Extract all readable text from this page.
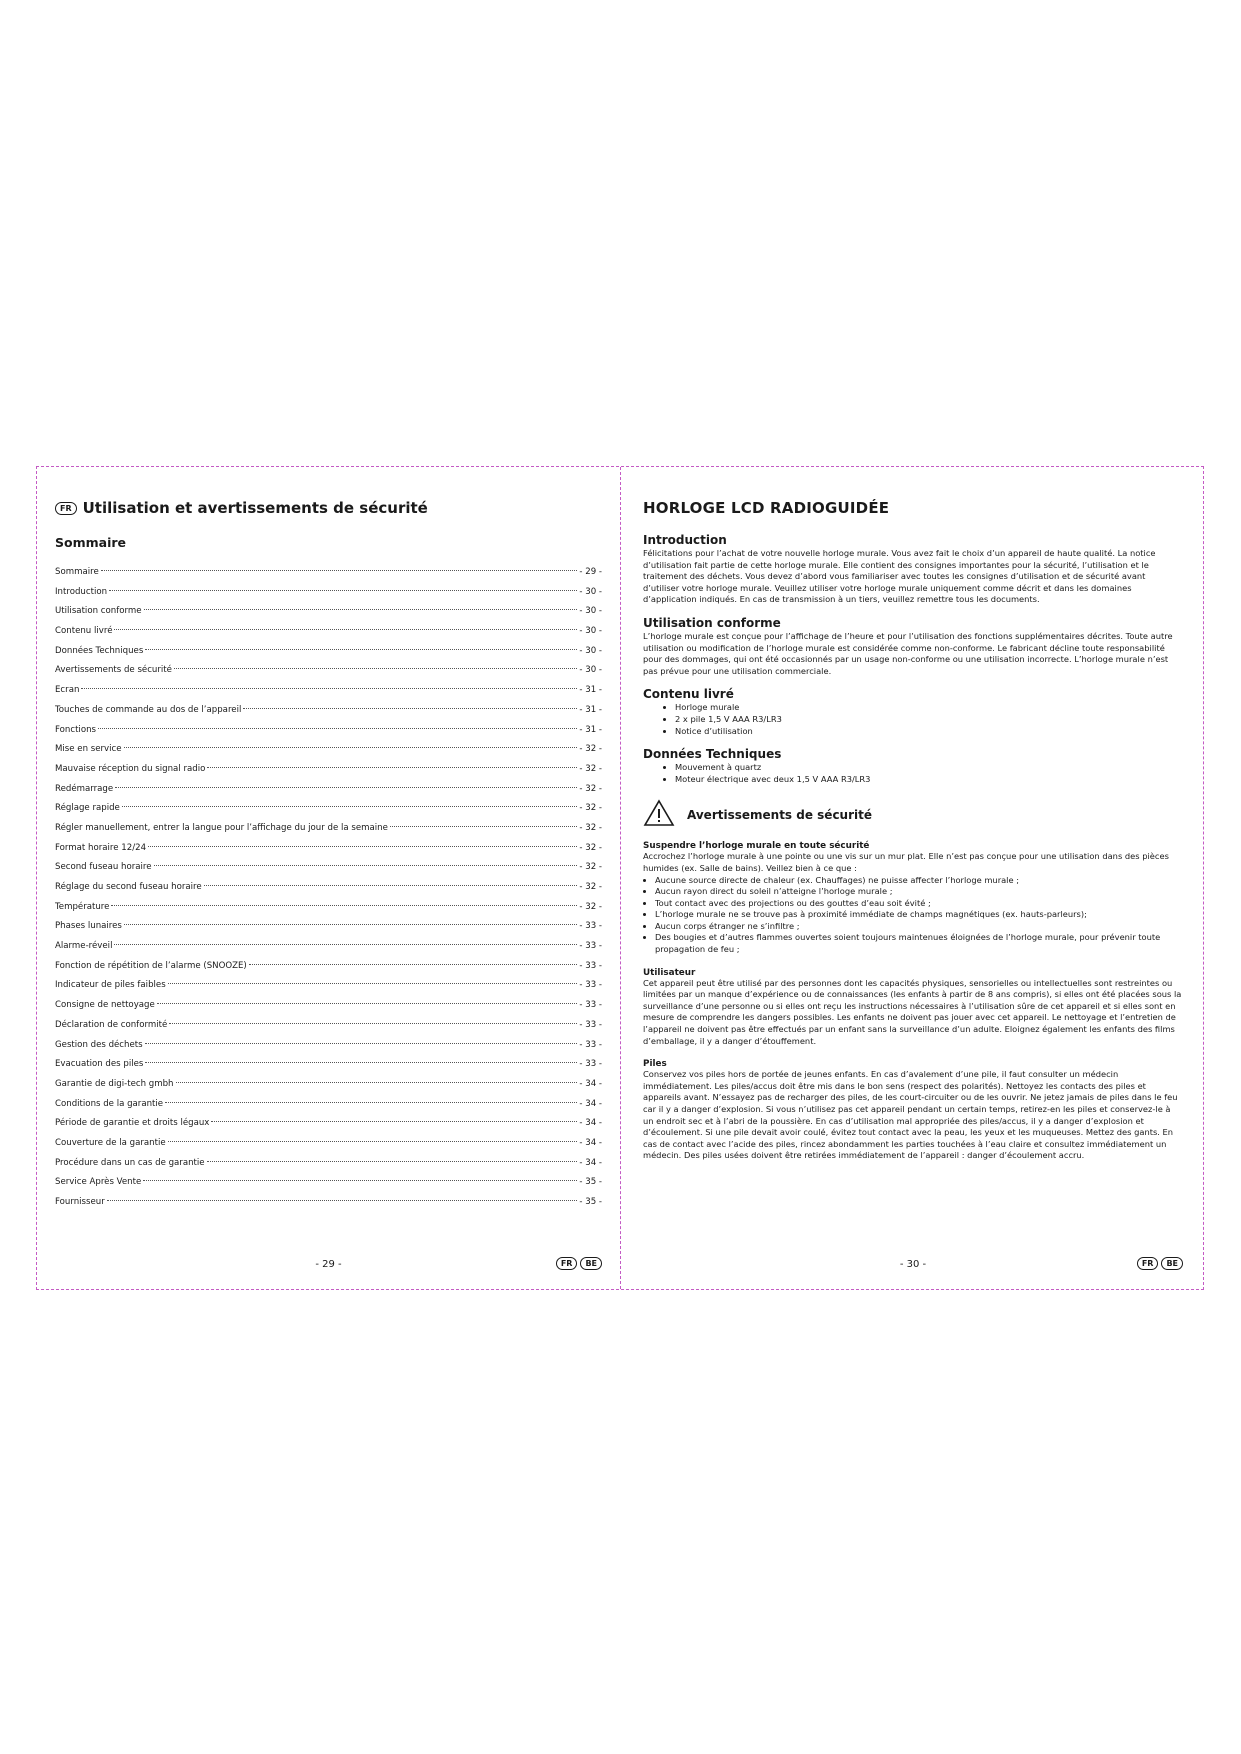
FR Utilisation et avertissements de sécurité
Sommaire
Sommaire	- 29 -
Introduction	- 30 -
Utilisation conforme	- 30 -
Contenu livré	- 30 -
Données Techniques	- 30 -
Avertissements de sécurité	- 30 -
Ecran	- 31 -
Touches de commande au dos de l’appareil	- 31 -
Fonctions	- 31 -
Mise en service	- 32 -
Mauvaise réception du signal radio	- 32 -
Redémarrage	- 32 -
Réglage rapide	- 32 -
Régler manuellement, entrer la langue pour l’affichage du jour de la semaine	- 32 -
Format horaire 12/24	- 32 -
Second fuseau horaire	- 32 -
Réglage du second fuseau horaire	- 32 -
Température	- 32 -
Phases lunaires	- 33 -
Alarme-réveil	- 33 -
Fonction de répétition de l’alarme (SNOOZE)	- 33 -
Indicateur de piles faibles	- 33 -
Consigne de nettoyage	- 33 -
Déclaration de conformité	- 33 -
Gestion des déchets	- 33 -
Evacuation des piles	- 33 -
Garantie de digi-tech gmbh	- 34 -
Conditions de la garantie	- 34 -
Période de garantie et droits légaux	- 34 -
Couverture de la garantie	- 34 -
Procédure dans un cas de garantie	- 34 -
Service Après Vente	- 35 -
Fournisseur	- 35 -
- 29 -	FR	BE
HORLOGE LCD RADIOGUIDÉE
Introduction

Félicitations pour l’achat de votre nouvelle horloge murale. Vous avez fait le choix d’un appareil de haute qualité. La notice d’utilisation fait partie de cette horloge murale. Elle contient des consignes importantes pour la sécurité, l’utilisation et le traitement des déchets. Vous devez d’abord vous familiariser avec toutes les consignes d’utilisation et de sécurité avant d’utiliser votre horloge murale. Veuillez utiliser votre horloge murale uniquement comme décrit et dans les domaines d’application indiqués. En cas de transmission à un tiers, veuillez remettre tous les documents.

Utilisation conforme

L’horloge murale est conçue pour l’affichage de l’heure et pour l’utilisation des fonctions supplémentaires décrites. Toute autre utilisation ou modification de l’horloge murale est considérée comme non-conforme. Le fabricant décline toute responsabilité pour des dommages, qui ont été occasionnés par un usage non-conforme ou une utilisation incorrecte. L’horloge murale n’est pas prévue pour une utilisation commerciale.

Contenu livré
• Horloge murale
• 2 x pile 1,5 V AAA R3/LR3
• Notice d’utilisation
Données Techniques
• Mouvement à quartz
• Moteur électrique avec deux 1,5 V AAA R3/LR3
Avertissements de sécurité
Suspendre l’horloge murale en toute sécurité

Accrochez l’horloge murale à une pointe ou une vis sur un mur plat. Elle n’est pas conçue pour une utilisation dans des pièces humides (ex. Salle de bains). Veillez bien à ce que :

• Aucune source directe de chaleur (ex. Chauffages) ne puisse affecter l’horloge murale ;
• Aucun rayon direct du soleil n’atteigne l’horloge murale ;
• Tout contact avec des projections ou des gouttes d’eau soit évité ;
• L’horloge murale ne se trouve pas à proximité immédiate de champs magnétiques (ex. hauts-parleurs);
• Aucun corps étranger ne s’infiltre ;
• Des bougies et d’autres flammes ouvertes soient toujours maintenues éloignées de l’horloge murale, pour prévenir toute propagation de feu ;
Utilisateur

Cet appareil peut être utilisé par des personnes dont les capacités physiques, sensorielles ou intellectuelles sont restreintes ou limitées par un manque d’expérience ou de connaissances (les enfants à partir de 8 ans compris), si elles ont été placées sous la surveillance d’une personne ou si elles ont reçu les instructions nécessaires à l’utilisation sûre de cet appareil et si elles sont en mesure de comprendre les dangers possibles. Les enfants ne doivent pas jouer avec cet appareil. Le nettoyage et l’entretien de l’appareil ne doivent pas être effectués par un enfant sans la surveillance d’un adulte. Eloignez également les enfants des films d’emballage, il y a danger d’étouffement.

Piles

Conservez vos piles hors de portée de jeunes enfants. En cas d’avalement d’une pile, il faut consulter un médecin immédiatement. Les piles/accus doit être mis dans le bon sens (respect des polarités). Nettoyez les contacts des piles et appareils avant. N’essayez pas de recharger des piles, de les court-circuiter ou de les ouvrir. Ne jetez jamais de piles dans le feu car il y a danger d’explosion. Si vous n’utilisez pas cet appareil pendant un certain temps, retirez-en les piles et conservez-le à un endroit sec et à l’abri de la poussière. En cas d’utilisation mal appropriée des piles/accus, il y a danger d’explosion et d’écoulement. Si une pile devait avoir coulé, évitez tout contact avec la peau, les yeux et les muqueuses. Mettez des gants. En cas de contact avec l’acide des piles, rincez abondamment les parties touchées à l’eau claire et consultez immédiatement un médecin. Des piles usées doivent être retirées immédiatement de l’appareil : danger d’écoulement accru.

- 30 -	FR	BE
